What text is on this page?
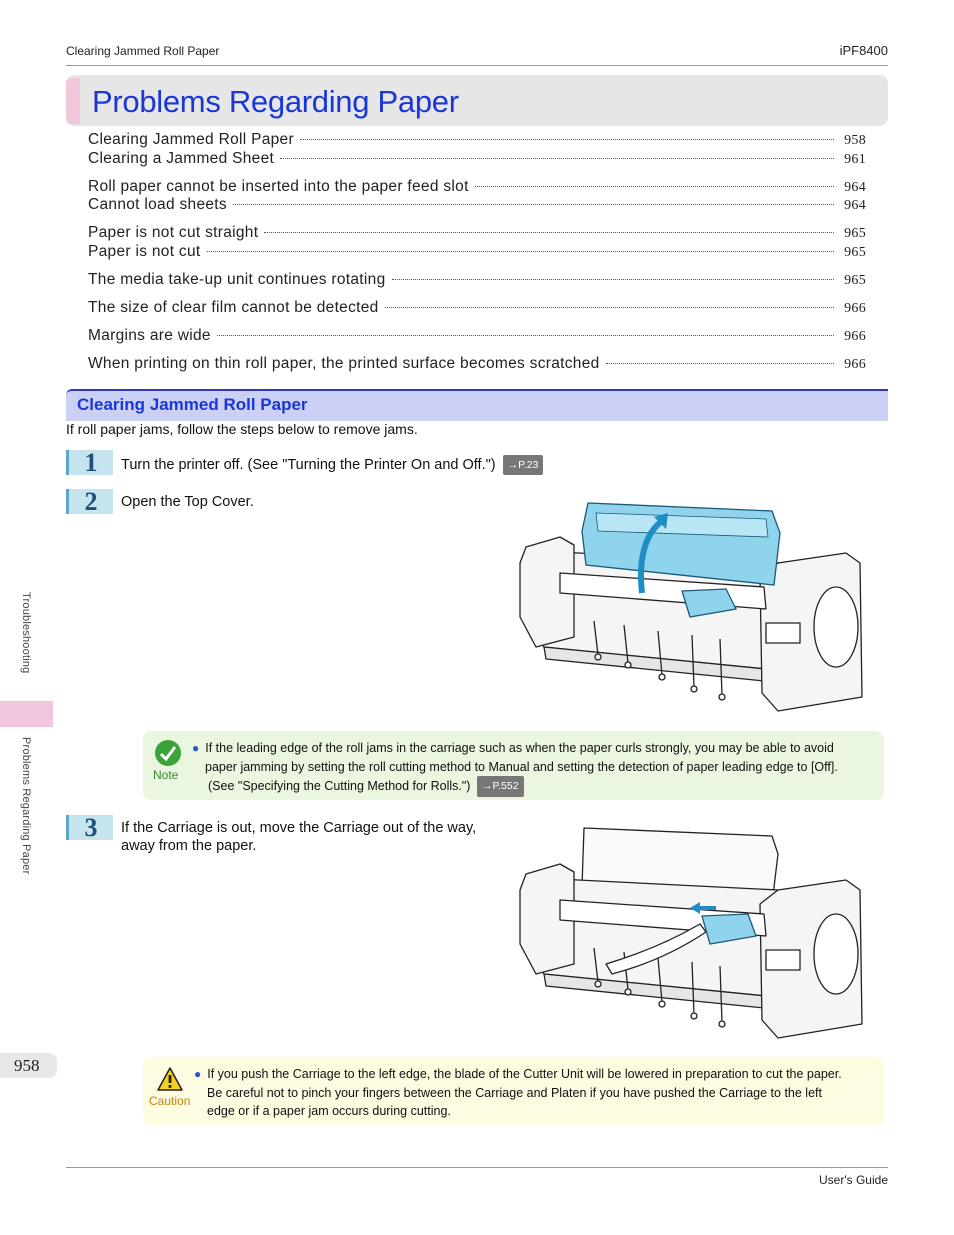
Clearing Jammed Roll Paper	iPF8400
Problems Regarding Paper
Clearing Jammed Roll Paper	958
Clearing a Jammed Sheet	961
Roll paper cannot be inserted into the paper feed slot	964
Cannot load sheets	964
Paper is not cut straight	965
Paper is not cut	965
The media take-up unit continues rotating	965
The size of clear film cannot be detected	966
Margins are wide	966
When printing on thin roll paper, the printed surface becomes scratched	966
Clearing Jammed Roll Paper
If roll paper jams, follow the steps below to remove jams.
1	Turn the printer off. (See "Turning the Printer On and Off.") →P.23
2	Open the Top Cover.
Note
● If the leading edge of the roll jams in the carriage such as when the paper curls strongly, you may be able to avoid
paper jamming by setting the roll cutting method to Manual and setting the detection of paper leading edge to [Off].
(See "Specifying the Cutting Method for Rolls.") →P.552
3	If the Carriage is out, move the Carriage out of the way, away from the paper.
Caution
● If you push the Carriage to the left edge, the blade of the Cutter Unit will be lowered in preparation to cut the paper.
Be careful not to pinch your fingers between the Carriage and Platen if you have pushed the Carriage to the left
edge or if a paper jam occurs during cutting.
Troubleshooting
Problems Regarding Paper
958
User's Guide
